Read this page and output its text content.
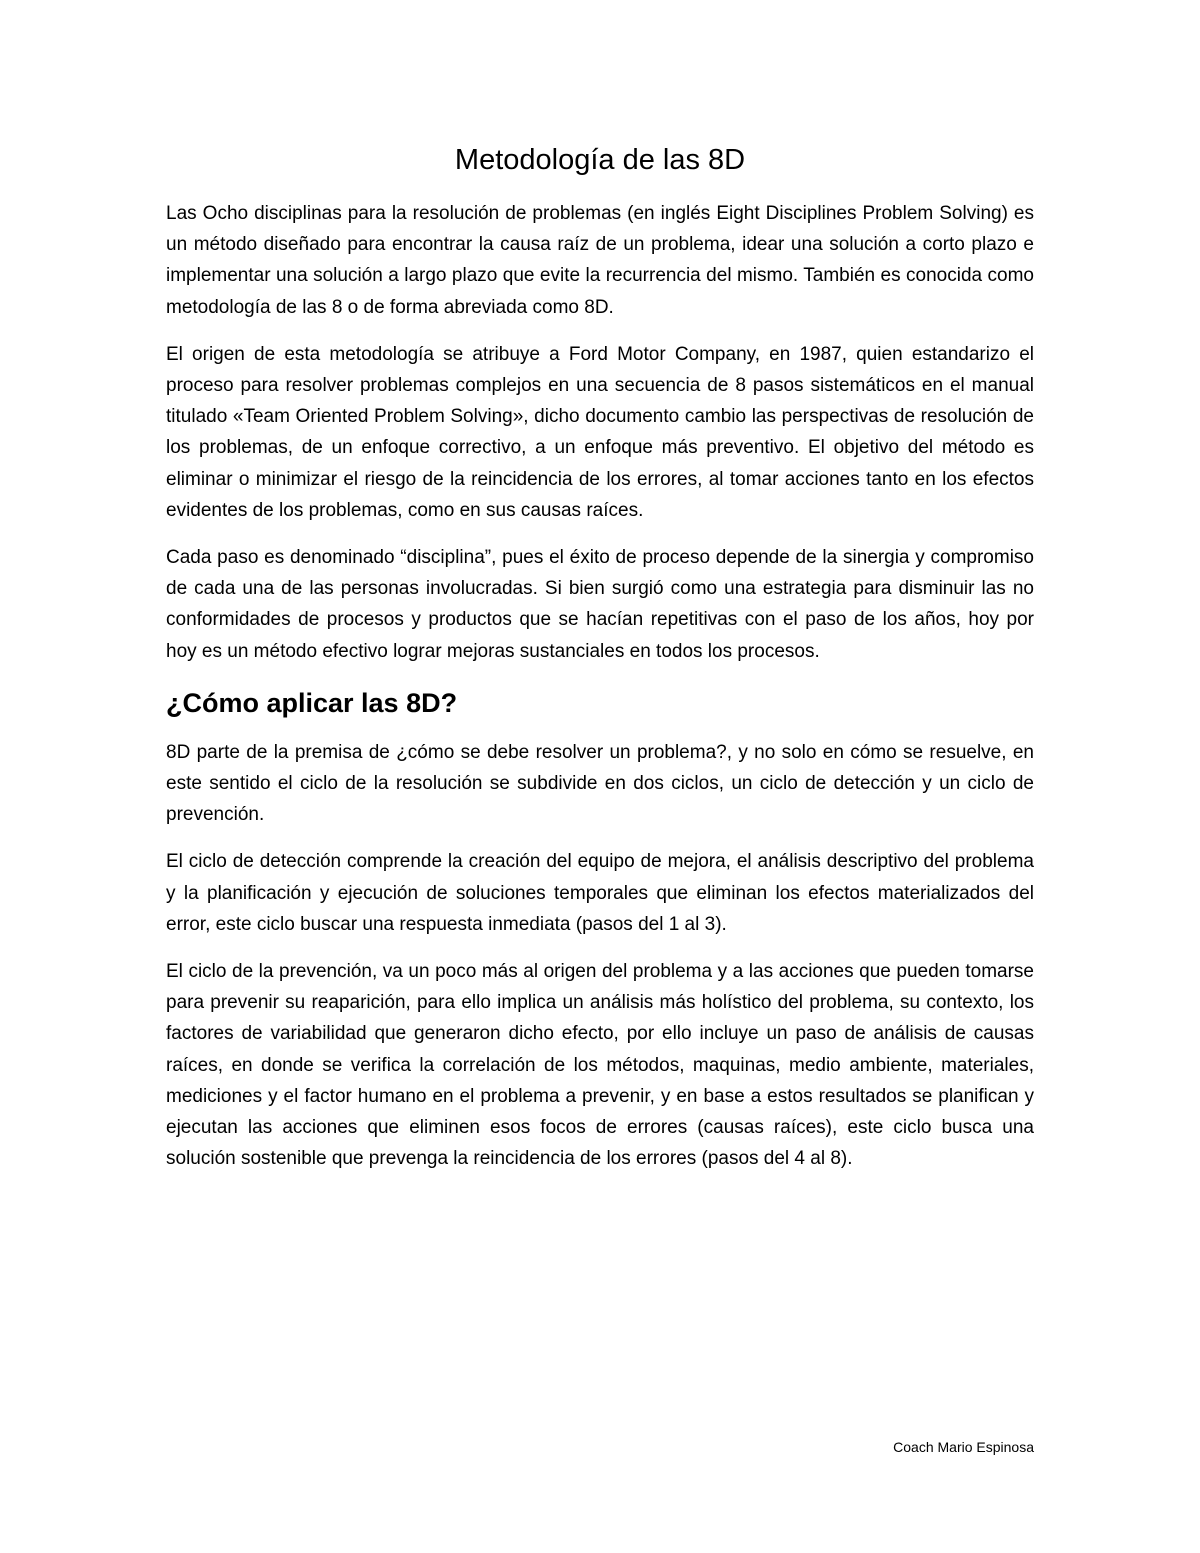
Metodología de las 8D

Las Ocho disciplinas para la resolución de problemas (en inglés Eight Disciplines Problem Solving) es un método diseñado para encontrar la causa raíz de un problema, idear una solución a corto plazo e implementar una solución a largo plazo que evite la recurrencia del mismo. También es conocida como metodología de las 8 o de forma abreviada como 8D.

El origen de esta metodología se atribuye a Ford Motor Company, en 1987, quien estandarizo el proceso para resolver problemas complejos en una secuencia de 8 pasos sistemáticos en el manual titulado «Team Oriented Problem Solving», dicho documento cambio las perspectivas de resolución de los problemas, de un enfoque correctivo, a un enfoque más preventivo. El objetivo del método es eliminar o minimizar el riesgo de la reincidencia de los errores, al tomar acciones tanto en los efectos evidentes de los problemas, como en sus causas raíces.

Cada paso es denominado “disciplina”, pues el éxito de proceso depende de la sinergia y compromiso de cada una de las personas involucradas. Si bien surgió como una estrategia para disminuir las no conformidades de procesos y productos que se hacían repetitivas con el paso de los años, hoy por hoy es un método efectivo lograr mejoras sustanciales en todos los procesos.

¿Cómo aplicar las 8D?

8D parte de la premisa de ¿cómo se debe resolver un problema?, y no solo en cómo se resuelve, en este sentido el ciclo de la resolución se subdivide en dos ciclos, un ciclo de detección y un ciclo de prevención.

El ciclo de detección comprende la creación del equipo de mejora, el análisis descriptivo del problema y la planificación y ejecución de soluciones temporales que eliminan los efectos materializados del error, este ciclo buscar una respuesta inmediata (pasos del 1 al 3).

El ciclo de la prevención, va un poco más al origen del problema y a las acciones que pueden tomarse para prevenir su reaparición, para ello implica un análisis más holístico del problema, su contexto, los factores de variabilidad que generaron dicho efecto, por ello incluye un paso de análisis de causas raíces, en donde se verifica la correlación de los métodos, maquinas, medio ambiente, materiales, mediciones y el factor humano en el problema a prevenir, y en base a estos resultados se planifican y ejecutan las acciones que eliminen esos focos de errores (causas raíces), este ciclo busca una solución sostenible que prevenga la reincidencia de los errores (pasos del 4 al 8).

Coach Mario Espinosa
